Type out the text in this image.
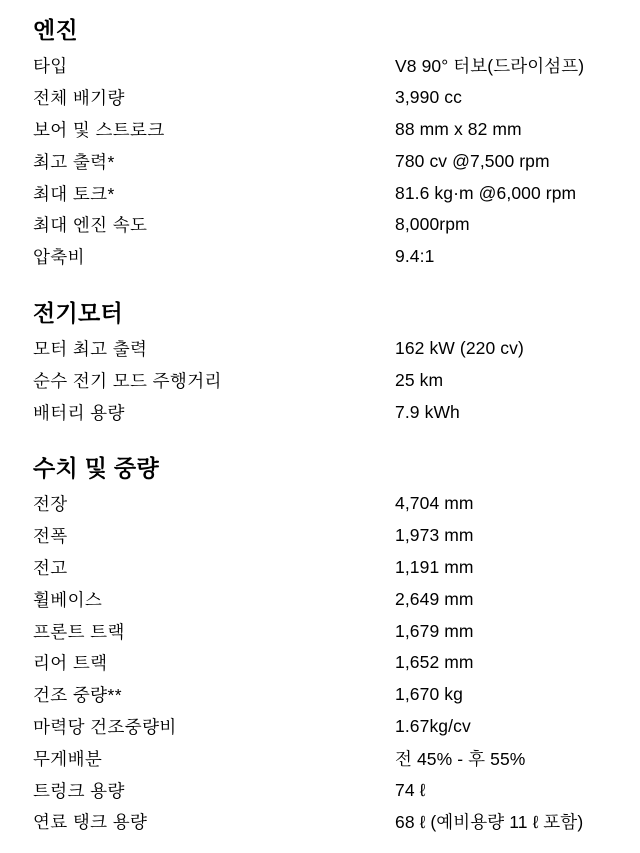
엔진
타입	V8 90° 터보(드라이섬프)
전체 배기량	3,990 cc
보어 및 스트로크	88 mm x 82 mm
최고 출력*	780 cv @7,500 rpm
최대 토크*	81.6 kg·m @6,000 rpm
최대 엔진 속도	8,000rpm
압축비	9.4:1
전기모터
모터 최고 출력	162 kW (220 cv)
순수 전기 모드 주행거리	25 km
배터리 용량	7.9 kWh
수치 및 중량
전장	4,704 mm
전폭	1,973 mm
전고	1,191 mm
휠베이스	2,649 mm
프론트 트랙	1,679 mm
리어 트랙	1,652 mm
건조 중량**	1,670 kg
마력당 건조중량비	1.67kg/cv
무게배분	전 45% - 후 55%
트렁크 용량	74 ℓ
연료 탱크 용량	68 ℓ (예비용량 11 ℓ 포함)
